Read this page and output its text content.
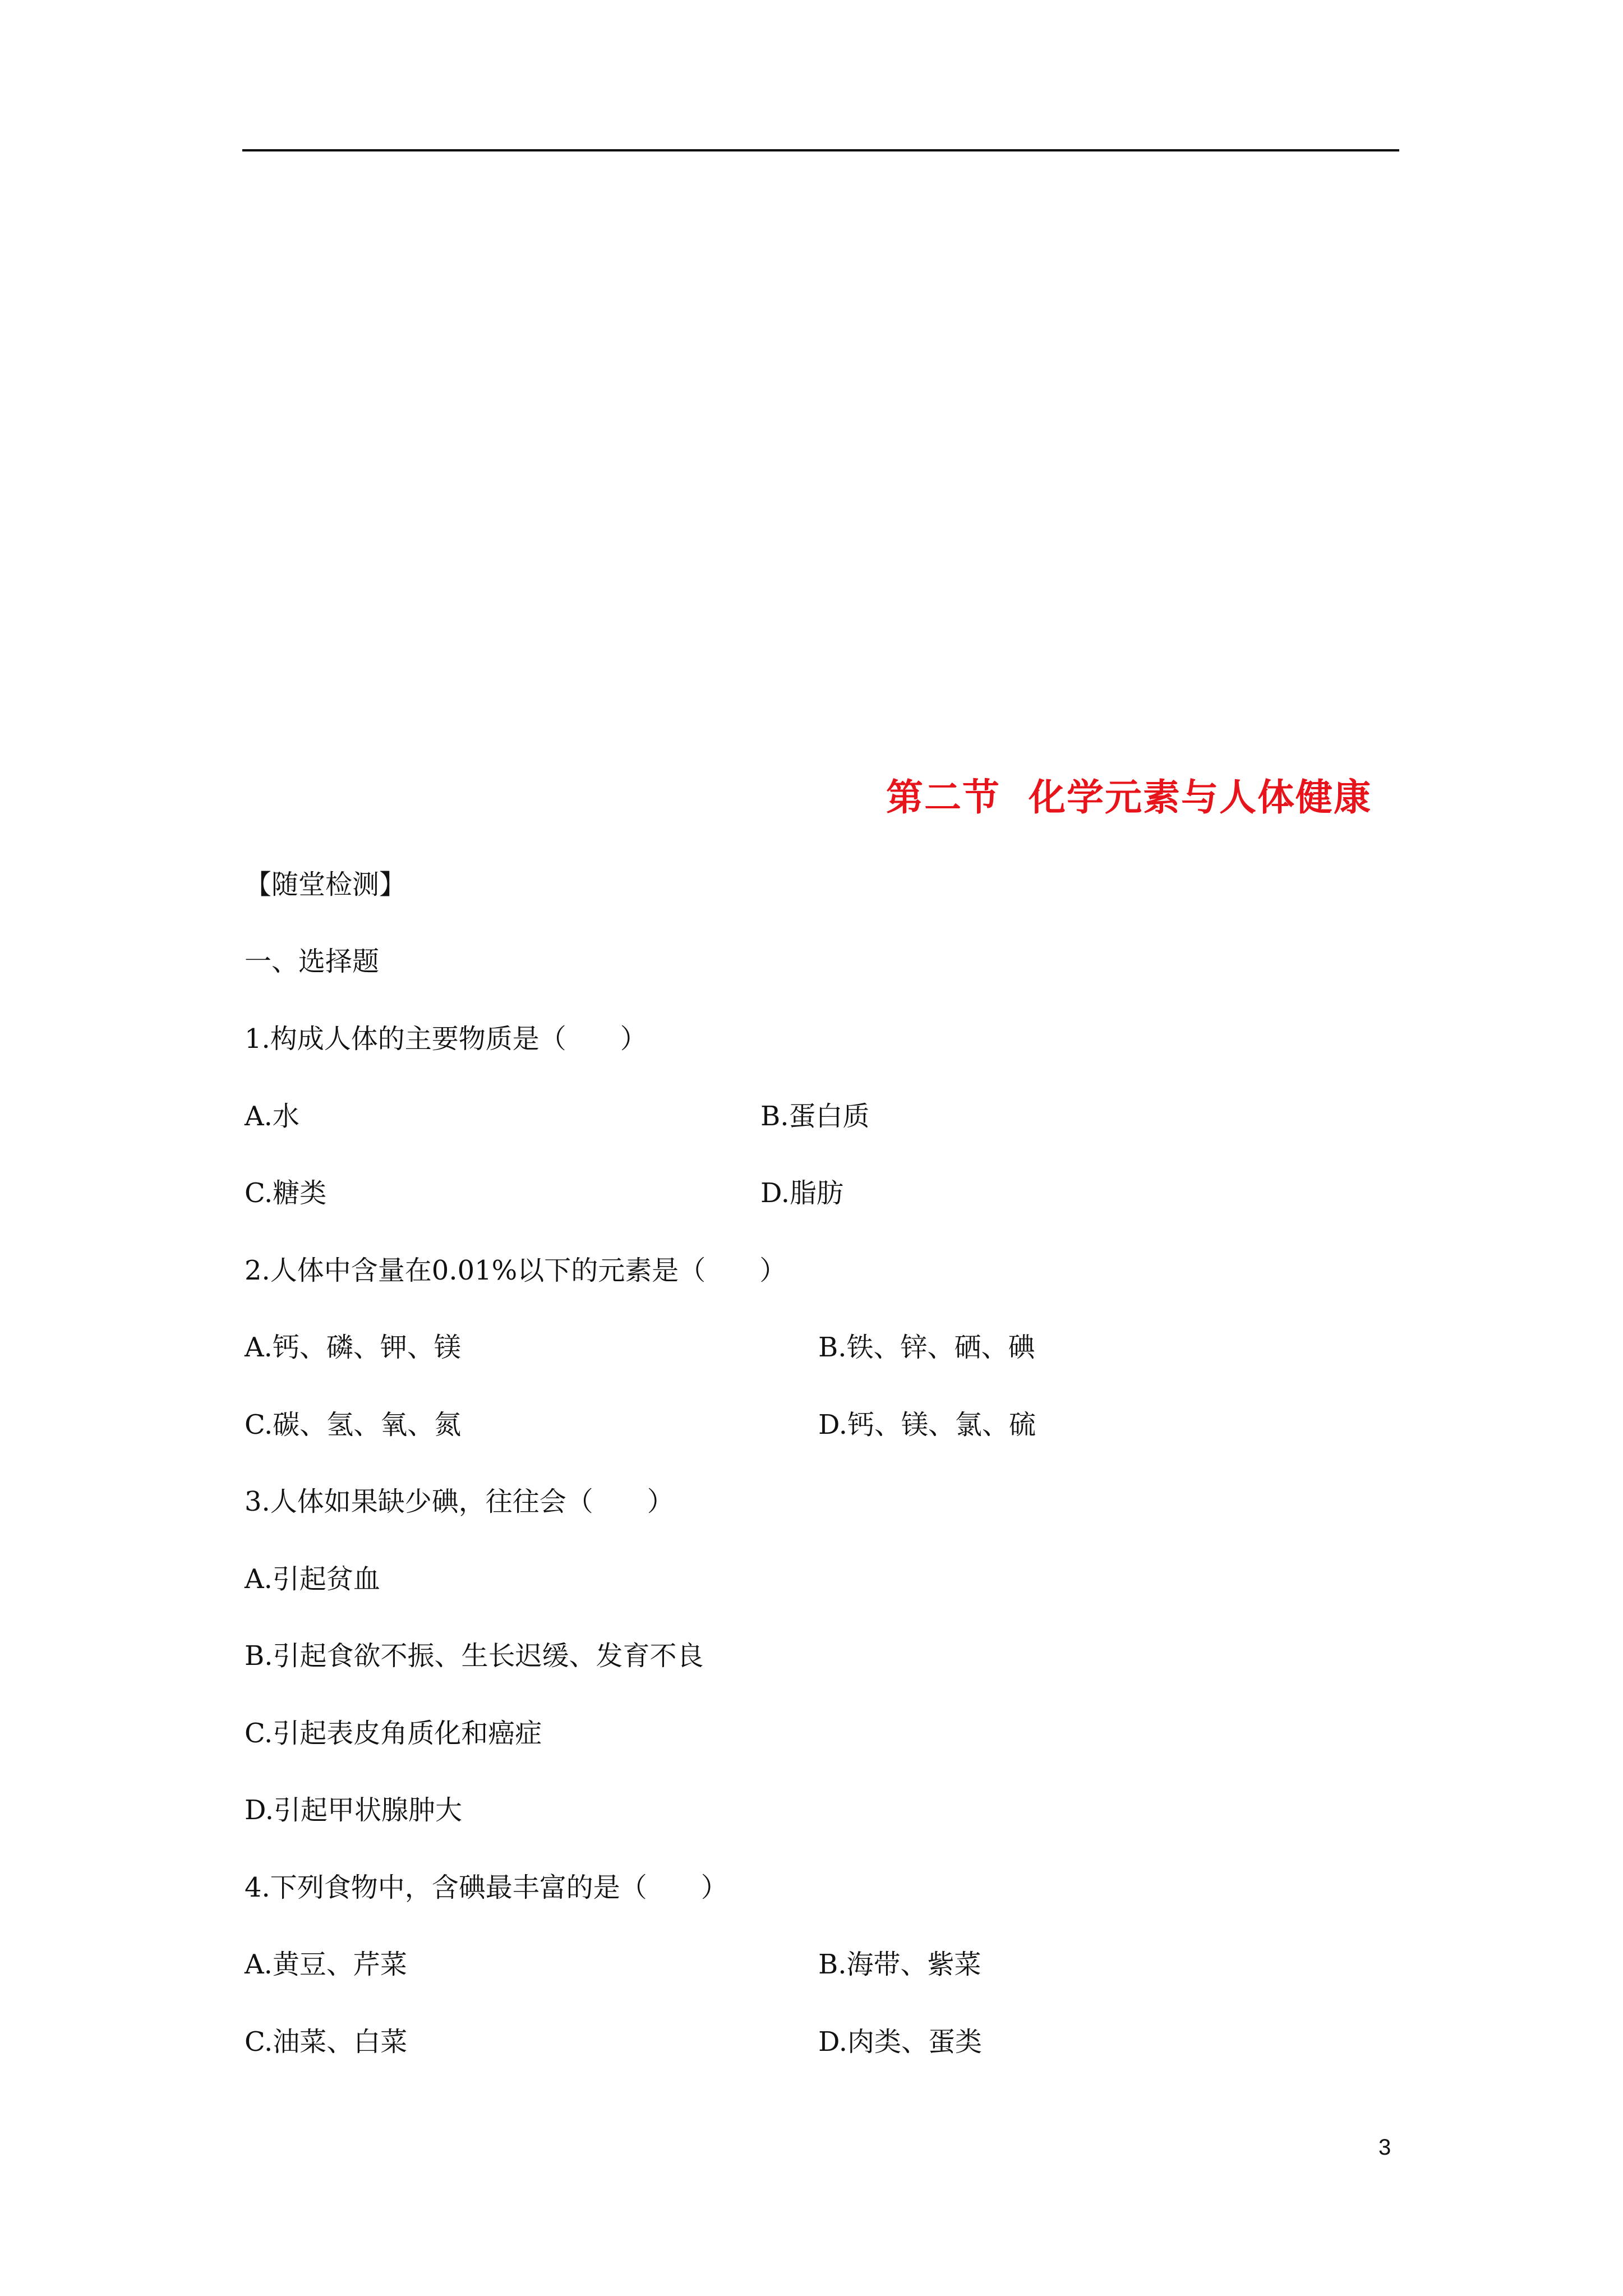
第二节  化学元素与人体健康
【随堂检测】
一、选择题
1.构成人体的主要物质是（　　）
A.水	B.蛋白质
C.糖类	D.脂肪
2.人体中含量在0.01%以下的元素是（　　）
A.钙、磷、钾、镁	B.铁、锌、硒、碘
C.碳、氢、氧、氮	D.钙、镁、氯、硫
3.人体如果缺少碘，往往会（　　）
A.引起贫血
B.引起食欲不振、生长迟缓、发育不良
C.引起表皮角质化和癌症
D.引起甲状腺肿大
4.下列食物中，含碘最丰富的是（　　）
A.黄豆、芹菜	B.海带、紫菜
C.油菜、白菜	D.肉类、蛋类
3
